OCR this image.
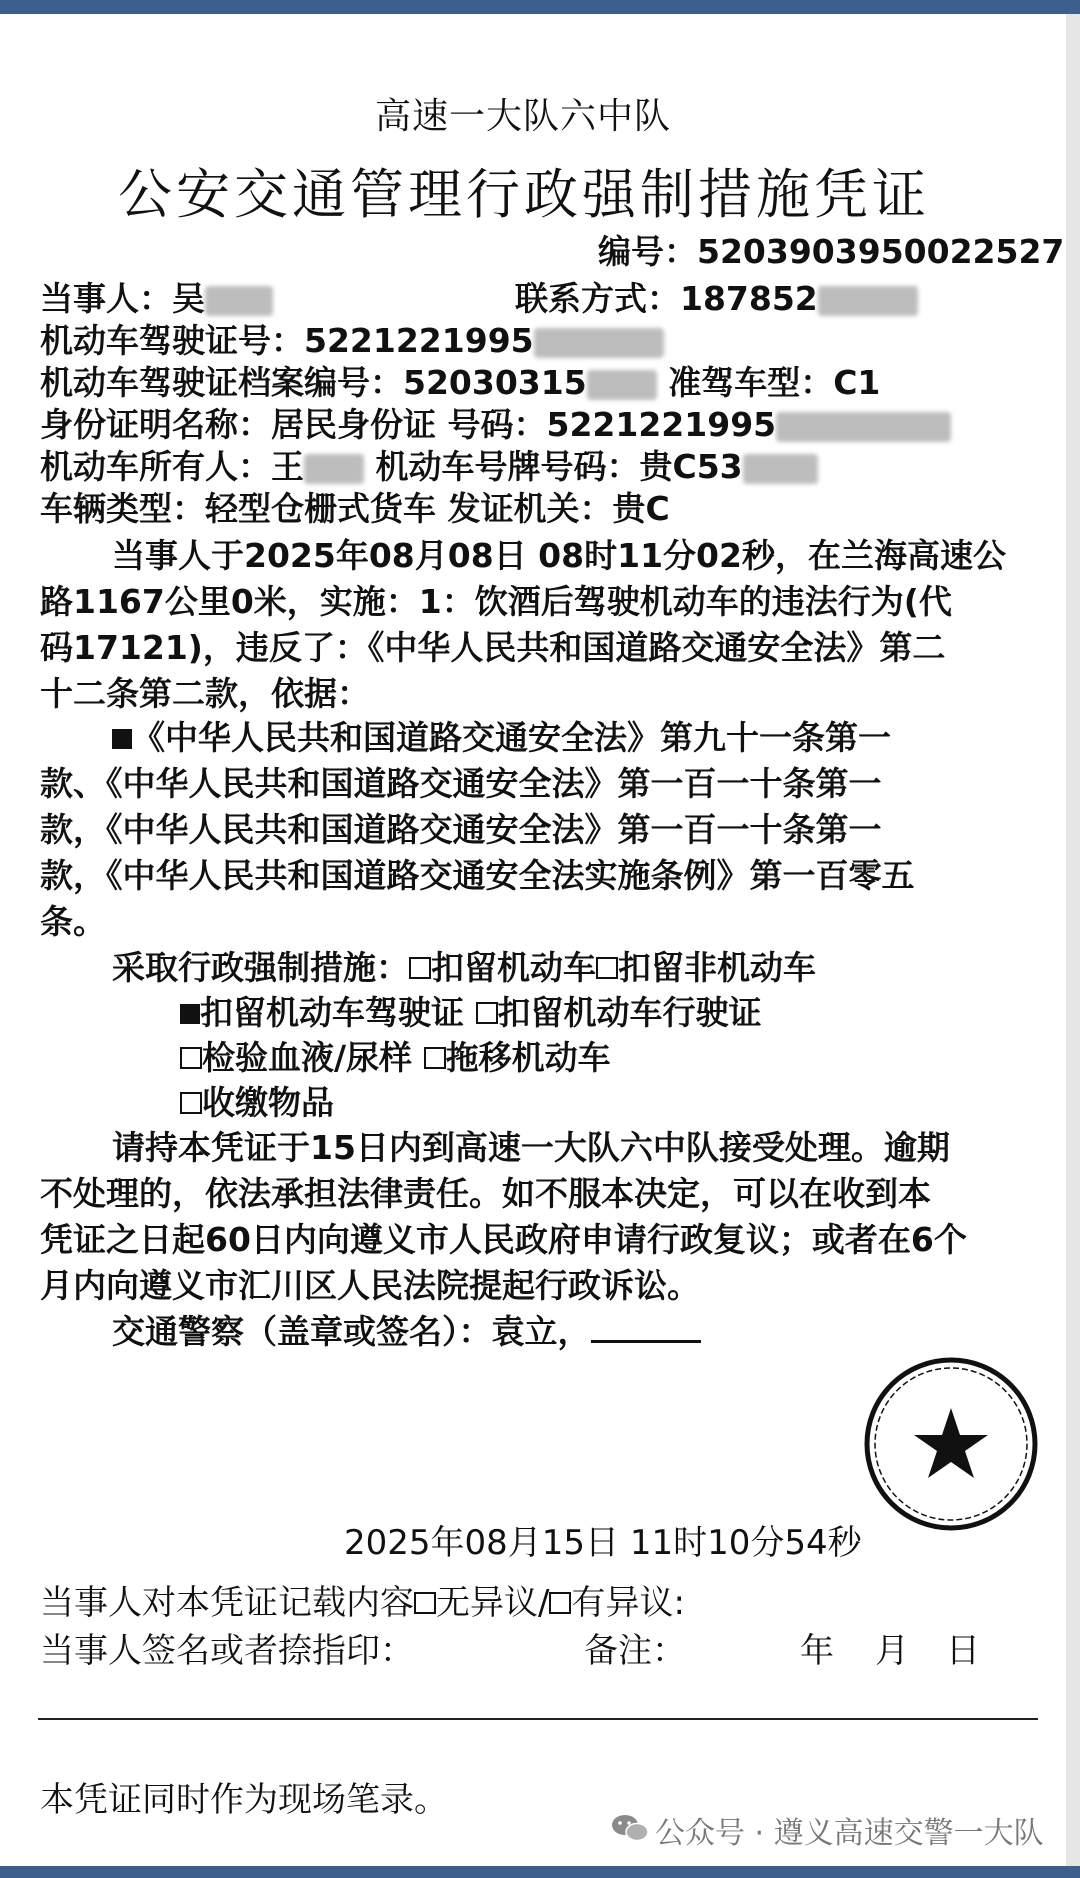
高速一大队六中队
公安交通管理行政强制措施凭证
编号：5203903950022527
当事人：吴	联系方式：187852
机动车驾驶证号：5221221995
机动车驾驶证档案编号：52030315 准驾车型：C1
身份证明名称：居民身份证 号码：5221221995
机动车所有人：王 机动车号牌号码：贵C53
车辆类型：轻型仓栅式货车 发证机关：贵C
当事人于2025年08月08日 08时11分02秒，在兰海高速公
路1167公里0米，实施：1：饮酒后驾驶机动车的违法行为(代
码17121)，违反了：《中华人民共和国道路交通安全法》第二
十二条第二款，依据：
《中华人民共和国道路交通安全法》第九十一条第一
款、《中华人民共和国道路交通安全法》第一百一十条第一
款，《中华人民共和国道路交通安全法》第一百一十条第一
款，《中华人民共和国道路交通安全法实施条例》第一百零五
条。
采取行政强制措施： 扣留机动车 扣留非机动车
扣留机动车驾驶证 扣留机动车行驶证
检验血液/尿样 拖移机动车
收缴物品
请持本凭证于15日内到高速一大队六中队接受处理。逾期
不处理的，依法承担法律责任。如不服本决定，可以在收到本
凭证之日起60日内向遵义市人民政府申请行政复议；或者在6个
月内向遵义市汇川区人民法院提起行政诉讼。
交通警察（盖章或签名）：袁立，
2025年08月15日 11时10分54秒
当事人对本凭证记载内容 无异议/ 有异议:
当事人签名或者捺指印：	备注：	年 月 日
本凭证同时作为现场笔录。
公众号 · 遵义高速交警一大队
